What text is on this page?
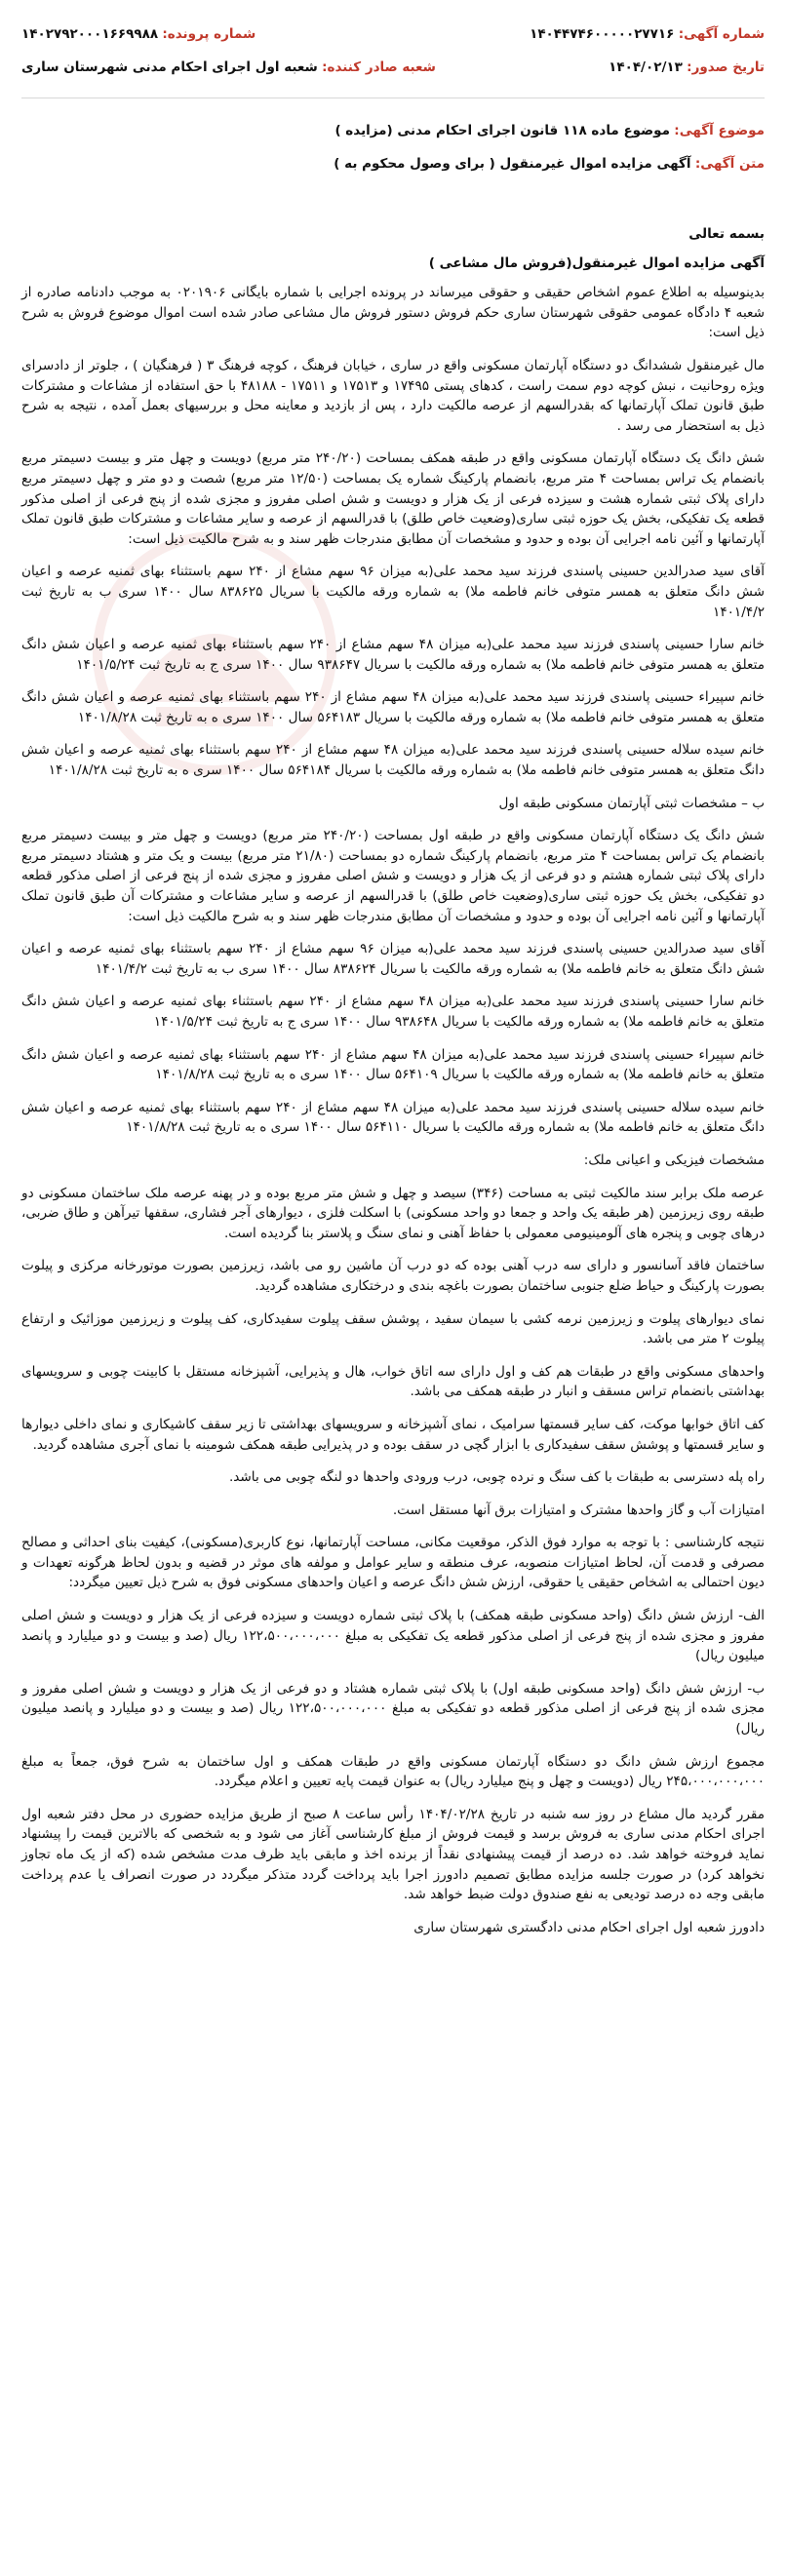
شماره آگهی: ۱۴۰۴۴۷۴۶۰۰۰۰۰۲۷۷۱۶
شماره پرونده: ۱۴۰۲۷۹۲۰۰۰۱۶۶۹۹۸۸
تاریخ صدور: ۱۴۰۴/۰۲/۱۳
شعبه صادر کننده: شعبه اول اجرای احکام مدنی شهرستان ساری
موضوع آگهی: موضوع ماده ۱۱۸ قانون اجرای احکام مدنی (مزایده )
متن آگهی: آگهی مزایده اموال غیرمنقول ( برای وصول محکوم به )

بسمه تعالی

آگهی مزایده اموال غیرمنقول(فروش مال مشاعی )

بدینوسیله به اطلاع عموم اشخاص حقیقی و حقوقی میرساند در پرونده اجرایی با شماره بایگانی ۰۲۰۱۹۰۶ به موجب دادنامه صادره از شعبه ۴ دادگاه عمومی حقوقی شهرستان ساری حکم فروش دستور فروش مال مشاعی صادر شده است اموال موضوع فروش به شرح ذیل است:

مال غیرمنقول ششدانگ دو دستگاه آپارتمان مسکونی واقع در ساری ، خیابان فرهنگ ، کوچه فرهنگ ۳ ( فرهنگیان ) ، جلوتر از دادسرای ویژه روحانیت ، نبش کوچه دوم سمت راست ، کدهای پستی ۱۷۴۹۵ و ۱۷۵۱۳ و ۱۷۵۱۱ - ۴۸۱۸۸ با حق استفاده از مشاعات و مشترکات طبق قانون تملک آپارتمانها که بقدرالسهم از عرصه مالکیت دارد ، پس از بازدید و معاینه محل و بررسیهای بعمل آمده ، نتیجه به شرح ذیل به استحضار می رسد .

شش دانگ یک دستگاه آپارتمان مسکونی واقع در طبقه همکف بمساحت (۲۴۰/۲۰ متر مربع) دویست و چهل متر و بیست دسیمتر مربع بانضمام یک تراس بمساحت ۴ متر مربع، بانضمام پارکینگ شماره یک بمساحت (۱۲/۵۰ متر مربع) شصت و دو متر و چهل دسیمتر مربع دارای پلاک ثبتی شماره هشت و سیزده فرعی از یک هزار و دویست و شش اصلی مفروز و مجزی شده از پنج فرعی از اصلی مذکور قطعه یک تفکیکی، بخش یک حوزه ثبتی ساری(وضعیت خاص طلق) با قدرالسهم از عرصه و سایر مشاعات و مشترکات طبق قانون تملک آپارتمانها و آئین نامه اجرایی آن بوده و حدود و مشخصات آن مطابق مندرجات ظهر سند و به شرح مالکیت ذیل است:

آقای سید صدرالدین حسینی پاسندی فرزند سید محمد علی(به میزان ۹۶ سهم مشاع از ۲۴۰ سهم باستثناء بهای ثمنیه عرصه و اعیان شش دانگ متعلق به همسر متوفی خانم فاطمه ملا) به شماره ورقه مالکیت با سریال ۸۳۸۶۲۵ سال ۱۴۰۰ سری ب به تاریخ ثبت ۱۴۰۱/۴/۲

خانم سارا حسینی پاسندی فرزند سید محمد علی(به میزان ۴۸ سهم مشاع از ۲۴۰ سهم باستثناء بهای ثمنیه عرصه و اعیان شش دانگ متعلق به همسر متوفی خانم فاطمه ملا) به شماره ورقه مالکیت با سریال ۹۳۸۶۴۷ سال ۱۴۰۰ سری ج به تاریخ ثبت ۱۴۰۱/۵/۲۴

خانم سپیراء حسینی پاسندی فرزند سید محمد علی(به میزان ۴۸ سهم مشاع از ۲۴۰ سهم باستثناء بهای ثمنیه عرصه و اعیان شش دانگ متعلق به همسر متوفی خانم فاطمه ملا) به شماره ورقه مالکیت با سریال ۵۶۴۱۸۳ سال ۱۴۰۰ سری ه به تاریخ ثبت ۱۴۰۱/۸/۲۸

خانم سیده سلاله حسینی پاسندی فرزند سید محمد علی(به میزان ۴۸ سهم مشاع از ۲۴۰ سهم باستثناء بهای ثمنیه عرصه و اعیان شش دانگ متعلق به همسر متوفی خانم فاطمه ملا) به شماره ورقه مالکیت با سریال ۵۶۴۱۸۴ سال ۱۴۰۰ سری ه به تاریخ ثبت ۱۴۰۱/۸/۲۸

ب – مشخصات ثبتی آپارتمان مسکونی طبقه اول

شش دانگ یک دستگاه آپارتمان مسکونی واقع در طبقه اول بمساحت (۲۴۰/۲۰ متر مربع) دویست و چهل متر و بیست دسیمتر مربع بانضمام یک تراس بمساحت ۴ متر مربع، بانضمام پارکینگ شماره دو بمساحت (۲۱/۸۰ متر مربع) بیست و یک متر و هشتاد دسیمتر مربع دارای پلاک ثبتی شماره هشتم و دو فرعی از یک هزار و دویست و شش اصلی مفروز و مجزی شده از پنج فرعی از اصلی مذکور قطعه دو تفکیکی، بخش یک حوزه ثبتی ساری(وضعیت خاص طلق) با قدرالسهم از عرصه و سایر مشاعات و مشترکات آن طبق قانون تملک آپارتمانها و آئین نامه اجرایی آن بوده و حدود و مشخصات آن مطابق مندرجات ظهر سند و به شرح مالکیت ذیل است:

آقای سید صدرالدین حسینی پاسندی فرزند سید محمد علی(به میزان ۹۶ سهم مشاع از ۲۴۰ سهم باستثناء بهای ثمنیه عرصه و اعیان شش دانگ متعلق به خانم فاطمه ملا) به شماره ورقه مالکیت با سریال ۸۳۸۶۲۴ سال ۱۴۰۰ سری ب به تاریخ ثبت ۱۴۰۱/۴/۲

خانم سارا حسینی پاسندی فرزند سید محمد علی(به میزان ۴۸ سهم مشاع از ۲۴۰ سهم باستثناء بهای ثمنیه عرصه و اعیان شش دانگ متعلق به خانم فاطمه ملا) به شماره ورقه مالکیت با سریال ۹۳۸۶۴۸ سال ۱۴۰۰ سری ج به تاریخ ثبت ۱۴۰۱/۵/۲۴

خانم سپیراء حسینی پاسندی فرزند سید محمد علی(به میزان ۴۸ سهم مشاع از ۲۴۰ سهم باستثناء بهای ثمنیه عرصه و اعیان شش دانگ متعلق به خانم فاطمه ملا) به شماره ورقه مالکیت با سریال ۵۶۴۱۰۹ سال ۱۴۰۰ سری ه به تاریخ ثبت ۱۴۰۱/۸/۲۸

خانم سیده سلاله حسینی پاسندی فرزند سید محمد علی(به میزان ۴۸ سهم مشاع از ۲۴۰ سهم باستثناء بهای ثمنیه عرصه و اعیان شش دانگ متعلق به خانم فاطمه ملا) به شماره ورقه مالکیت با سریال ۵۶۴۱۱۰ سال ۱۴۰۰ سری ه به تاریخ ثبت ۱۴۰۱/۸/۲۸

مشخصات فیزیکی و اعیانی ملک:

عرصه ملک برابر سند مالکیت ثبتی به مساحت (۳۴۶) سیصد و چهل و شش متر مربع بوده و در پهنه عرصه ملک ساختمان مسکونی دو طبقه روی زیرزمین (هر طبقه یک واحد و جمعا دو واحد مسکونی) با اسکلت فلزی ، دیوارهای آجر فشاری، سقفها تیرآهن و طاق ضربی، درهای چوبی و پنجره های آلومینیومی معمولی با حفاظ آهنی و نمای سنگ و پلاستر بنا گردیده است.

ساختمان فاقد آسانسور و دارای سه درب آهنی بوده که دو درب آن ماشین رو می باشد، زیرزمین بصورت موتورخانه مرکزی و پیلوت بصورت پارکینگ و حیاط ضلع جنوبی ساختمان بصورت باغچه بندی و درختکاری مشاهده گردید.

نمای دیوارهای پیلوت و زیرزمین نرمه کشی با سیمان سفید ، پوشش سقف پیلوت سفیدکاری، کف پیلوت و زیرزمین موزائیک و ارتفاع پیلوت ۲ متر می باشد.

واحدهای مسکونی واقع در طبقات هم کف و اول دارای سه اتاق خواب، هال و پذیرایی، آشپزخانه مستقل با کابینت چوبی و سرویسهای بهداشتی بانضمام تراس مسقف و انبار در طبقه همکف می باشد.

کف اتاق خوابها موکت، کف سایر قسمتها سرامیک ، نمای آشپزخانه و سرویسهای بهداشتی تا زیر سقف کاشیکاری و نمای داخلی دیوارها و سایر قسمتها و پوشش سقف سفیدکاری با ابزار گچی در سقف بوده و در پذیرایی طبقه همکف شومینه با نمای آجری مشاهده گردید.

راه پله دسترسی به طبقات با کف سنگ و نرده چوبی، درب ورودی واحدها دو لنگه چوبی می باشد.

امتیازات آب و گاز واحدها مشترک و امتیازات برق آنها مستقل است.

نتیجه کارشناسی : با توجه به موارد فوق الذکر، موقعیت مکانی، مساحت آپارتمانها، نوع کاربری(مسکونی)، کیفیت بنای احداثی و مصالح مصرفی و قدمت آن، لحاظ امتیازات منصوبه، عرف منطقه و سایر عوامل و مولفه های موثر در قضیه و بدون لحاظ هرگونه تعهدات و دیون احتمالی به اشخاص حقیقی یا حقوقی، ارزش شش دانگ عرصه و اعیان واحدهای مسکونی فوق به شرح ذیل تعیین میگردد:

الف- ارزش شش دانگ (واحد مسکونی طبقه همکف) با پلاک ثبتی شماره دویست و سیزده فرعی از یک هزار و دویست و شش اصلی مفروز و مجزی شده از پنج فرعی از اصلی مذکور قطعه یک تفکیکی به مبلغ ۱۲۲،۵۰۰،۰۰۰،۰۰۰ ریال (صد و بیست و دو میلیارد و پانصد میلیون ریال)

ب- ارزش شش دانگ (واحد مسکونی طبقه اول) با پلاک ثبتی شماره هشتاد و دو فرعی از یک هزار و دویست و شش اصلی مفروز و مجزی شده از پنج فرعی از اصلی مذکور قطعه دو تفکیکی به مبلغ ۱۲۲،۵۰۰،۰۰۰،۰۰۰ ریال (صد و بیست و دو میلیارد و پانصد میلیون ریال)

مجموع ارزش شش دانگ دو دستگاه آپارتمان مسکونی واقع در طبقات همکف و اول ساختمان به شرح فوق، جمعاً به مبلغ ۲۴۵،۰۰۰،۰۰۰،۰۰۰ ریال (دویست و چهل و پنج میلیارد ریال) به عنوان قیمت پایه تعیین و اعلام میگردد.

مقرر گردید مال مشاع در روز سه شنبه در تاریخ ۱۴۰۴/۰۲/۲۸ رأس ساعت ۸ صبح از طریق مزایده حضوری در محل دفتر شعبه اول اجرای احکام مدنی ساری به فروش برسد و قیمت فروش از مبلغ کارشناسی آغاز می شود و به شخصی که بالاترین قیمت را پیشنهاد نماید فروخته خواهد شد. ده درصد از قیمت پیشنهادی نقداً از برنده اخذ و مابقی باید ظرف مدت مشخص شده (که از یک ماه تجاوز نخواهد کرد) در صورت جلسه مزایده مطابق تصمیم دادورز اجرا باید پرداخت گردد متذکر میگردد در صورت انصراف یا عدم پرداخت مابقی وجه ده درصد تودیعی به نفع صندوق دولت ضبط خواهد شد.

دادورز شعبه اول اجرای احکام مدنی دادگستری شهرستان ساری
